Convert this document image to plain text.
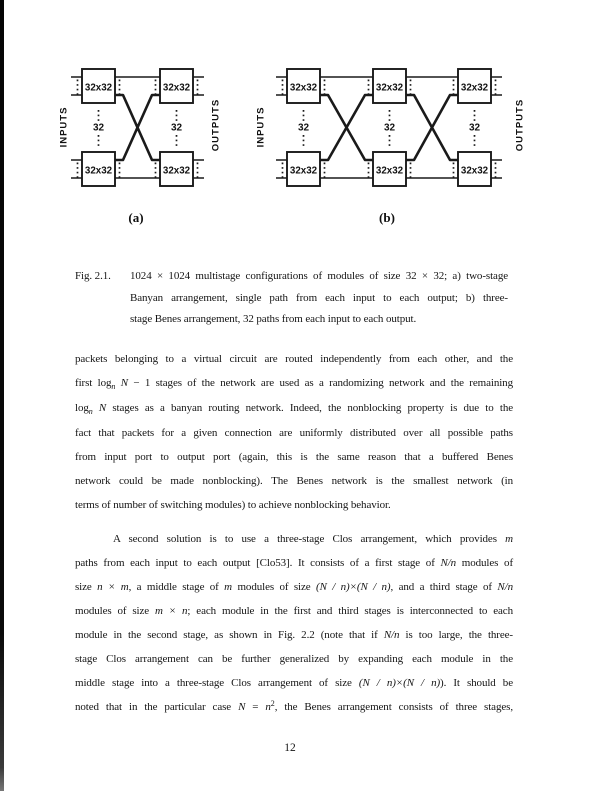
32x32	32x32
32x32	32x32
32	32
INPUTS	OUTPUTS
(a)
32x32	32x32	32x32
32x32	32x32	32x32
32	32	32
INPUTS	OUTPUTS
(b)
Fig. 2.1. 1024 × 1024 multistage configurations of modules of size 32 × 32; a) two-stage
Banyan arrangement, single path from each input to each output; b) three-
stage Benes arrangement, 32 paths from each input to each output.
packets belonging to a virtual circuit are routed independently from each other, and the
first $\log_n N - 1$ stages of the network are used as a randomizing network and the remaining
$\log_n N$ stages as a banyan routing network. Indeed, the nonblocking property is due to the
fact that packets for a given connection are uniformly distributed over all possible paths
from input port to output port (again, this is the same reason that a buffered Benes
network could be made nonblocking). The Benes network is the smallest network (in
terms of number of switching modules) to achieve nonblocking behavior.
A second solution is to use a three-stage Clos arrangement, which provides m
paths from each input to each output [Clo53]. It consists of a first stage of N/n modules of
size n × m, a middle stage of m modules of size (N / n)×(N / n), and a third stage of N/n
modules of size m × n; each module in the first and third stages is interconnected to each
module in the second stage, as shown in Fig. 2.2 (note that if N/n is too large, the three-
stage Clos arrangement can be further generalized by expanding each module in the
middle stage into a three-stage Clos arrangement of size (N / n)×(N / n)). It should be
noted that in the particular case $N = n^2$, the Benes arrangement consists of three stages,
12
